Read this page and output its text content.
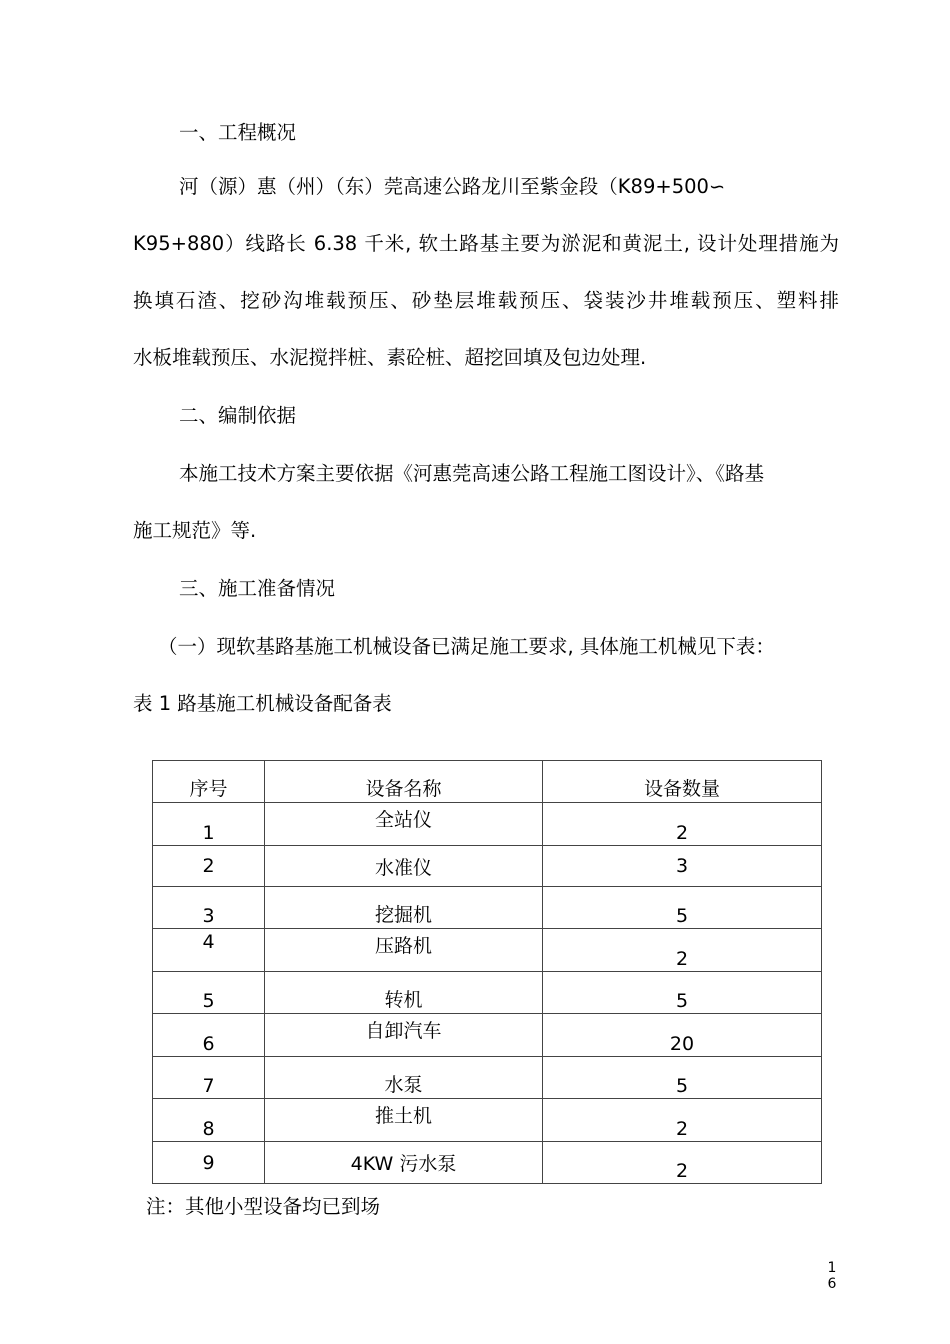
一、工程概况
河（源）惠（州）（东）莞高速公路龙川至紫金段（K89+500∽
K95+880）线路长 6.38 千米, 软土路基主要为淤泥和黄泥土, 设计处理措施为
换填石渣、挖砂沟堆载预压、砂垫层堆载预压、袋装沙井堆载预压、塑料排
水板堆载预压、水泥搅拌桩、素砼桩、超挖回填及包边处理.
二、编制依据
本施工技术方案主要依据《河惠莞高速公路工程施工图设计》、《路基
施工规范》等.
三、施工准备情况
（一）现软基路基施工机械设备已满足施工要求, 具体施工机械见下表：
表 1 路基施工机械设备配备表
序号	设备名称	设备数量
1	全站仪	2
2	水准仪	3
3	挖掘机	5
4	压路机	2
5	转机	5
6	自卸汽车	20
7	水泵	5
8	推土机	2
9	4KW 污水泵	2
注：其他小型设备均已到场
1
6
